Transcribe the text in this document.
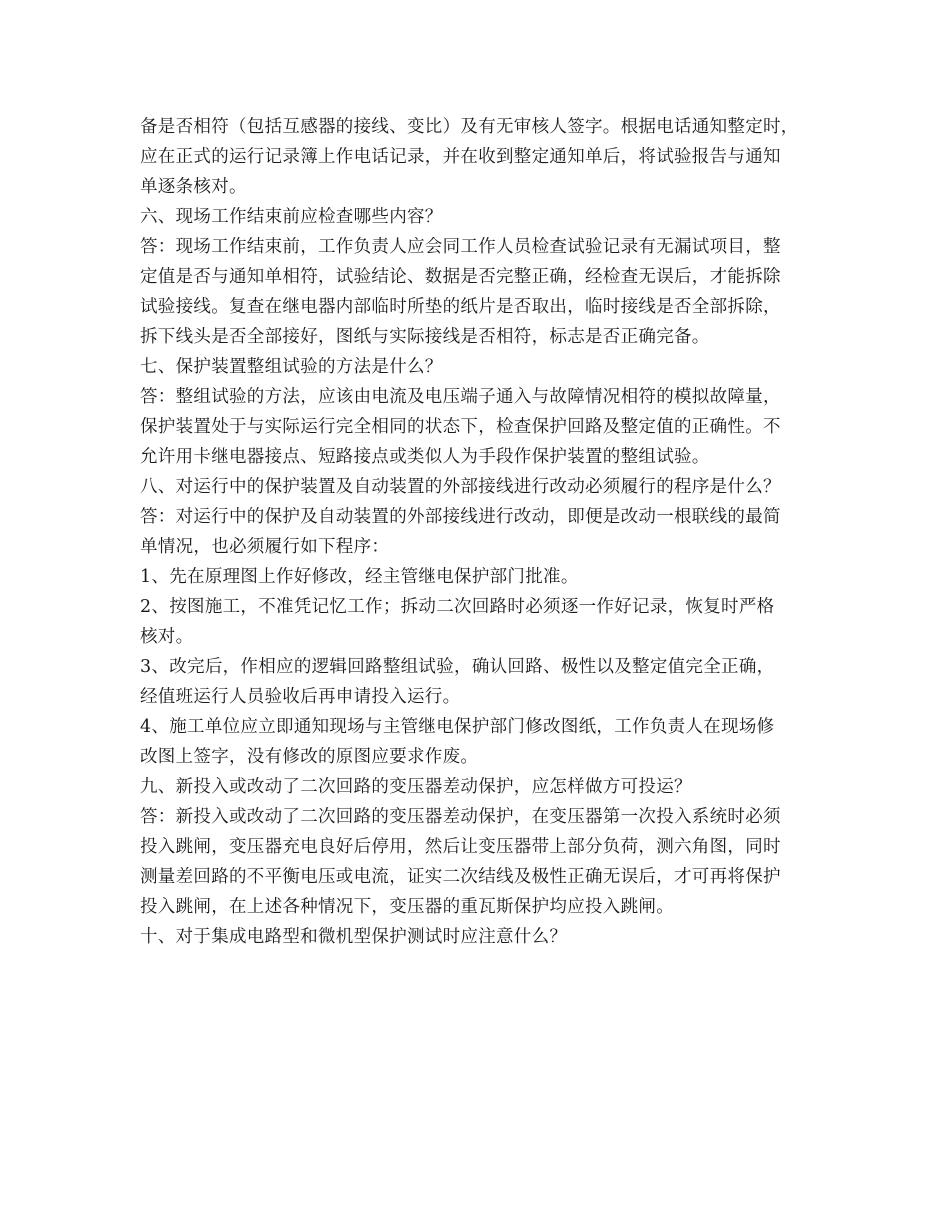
备是否相符（包括互感器的接线、变比）及有无审核人签字。根据电话通知整定时，
应在正式的运行记录簿上作电话记录，并在收到整定通知单后，将试验报告与通知
单逐条核对。
六、现场工作结束前应检查哪些内容？
答：现场工作结束前，工作负责人应会同工作人员检查试验记录有无漏试项目，整
定值是否与通知单相符，试验结论、数据是否完整正确，经检查无误后，才能拆除
试验接线。复查在继电器内部临时所垫的纸片是否取出，临时接线是否全部拆除，
拆下线头是否全部接好，图纸与实际接线是否相符，标志是否正确完备。
七、保护装置整组试验的方法是什么？
答：整组试验的方法，应该由电流及电压端子通入与故障情况相符的模拟故障量，
保护装置处于与实际运行完全相同的状态下，检查保护回路及整定值的正确性。不
允许用卡继电器接点、短路接点或类似人为手段作保护装置的整组试验。
八、对运行中的保护装置及自动装置的外部接线进行改动必须履行的程序是什么？
答：对运行中的保护及自动装置的外部接线进行改动，即便是改动一根联线的最简
单情况，也必须履行如下程序：
1、先在原理图上作好修改，经主管继电保护部门批准。
2、按图施工，不准凭记忆工作；拆动二次回路时必须逐一作好记录，恢复时严格
核对。
3、改完后，作相应的逻辑回路整组试验，确认回路、极性以及整定值完全正确，
经值班运行人员验收后再申请投入运行。
4、施工单位应立即通知现场与主管继电保护部门修改图纸，工作负责人在现场修
改图上签字，没有修改的原图应要求作废。
九、新投入或改动了二次回路的变压器差动保护，应怎样做方可投运？
答：新投入或改动了二次回路的变压器差动保护，在变压器第一次投入系统时必须
投入跳闸，变压器充电良好后停用，然后让变压器带上部分负荷，测六角图，同时
测量差回路的不平衡电压或电流，证实二次结线及极性正确无误后，才可再将保护
投入跳闸，在上述各种情况下，变压器的重瓦斯保护均应投入跳闸。
十、对于集成电路型和微机型保护测试时应注意什么？
